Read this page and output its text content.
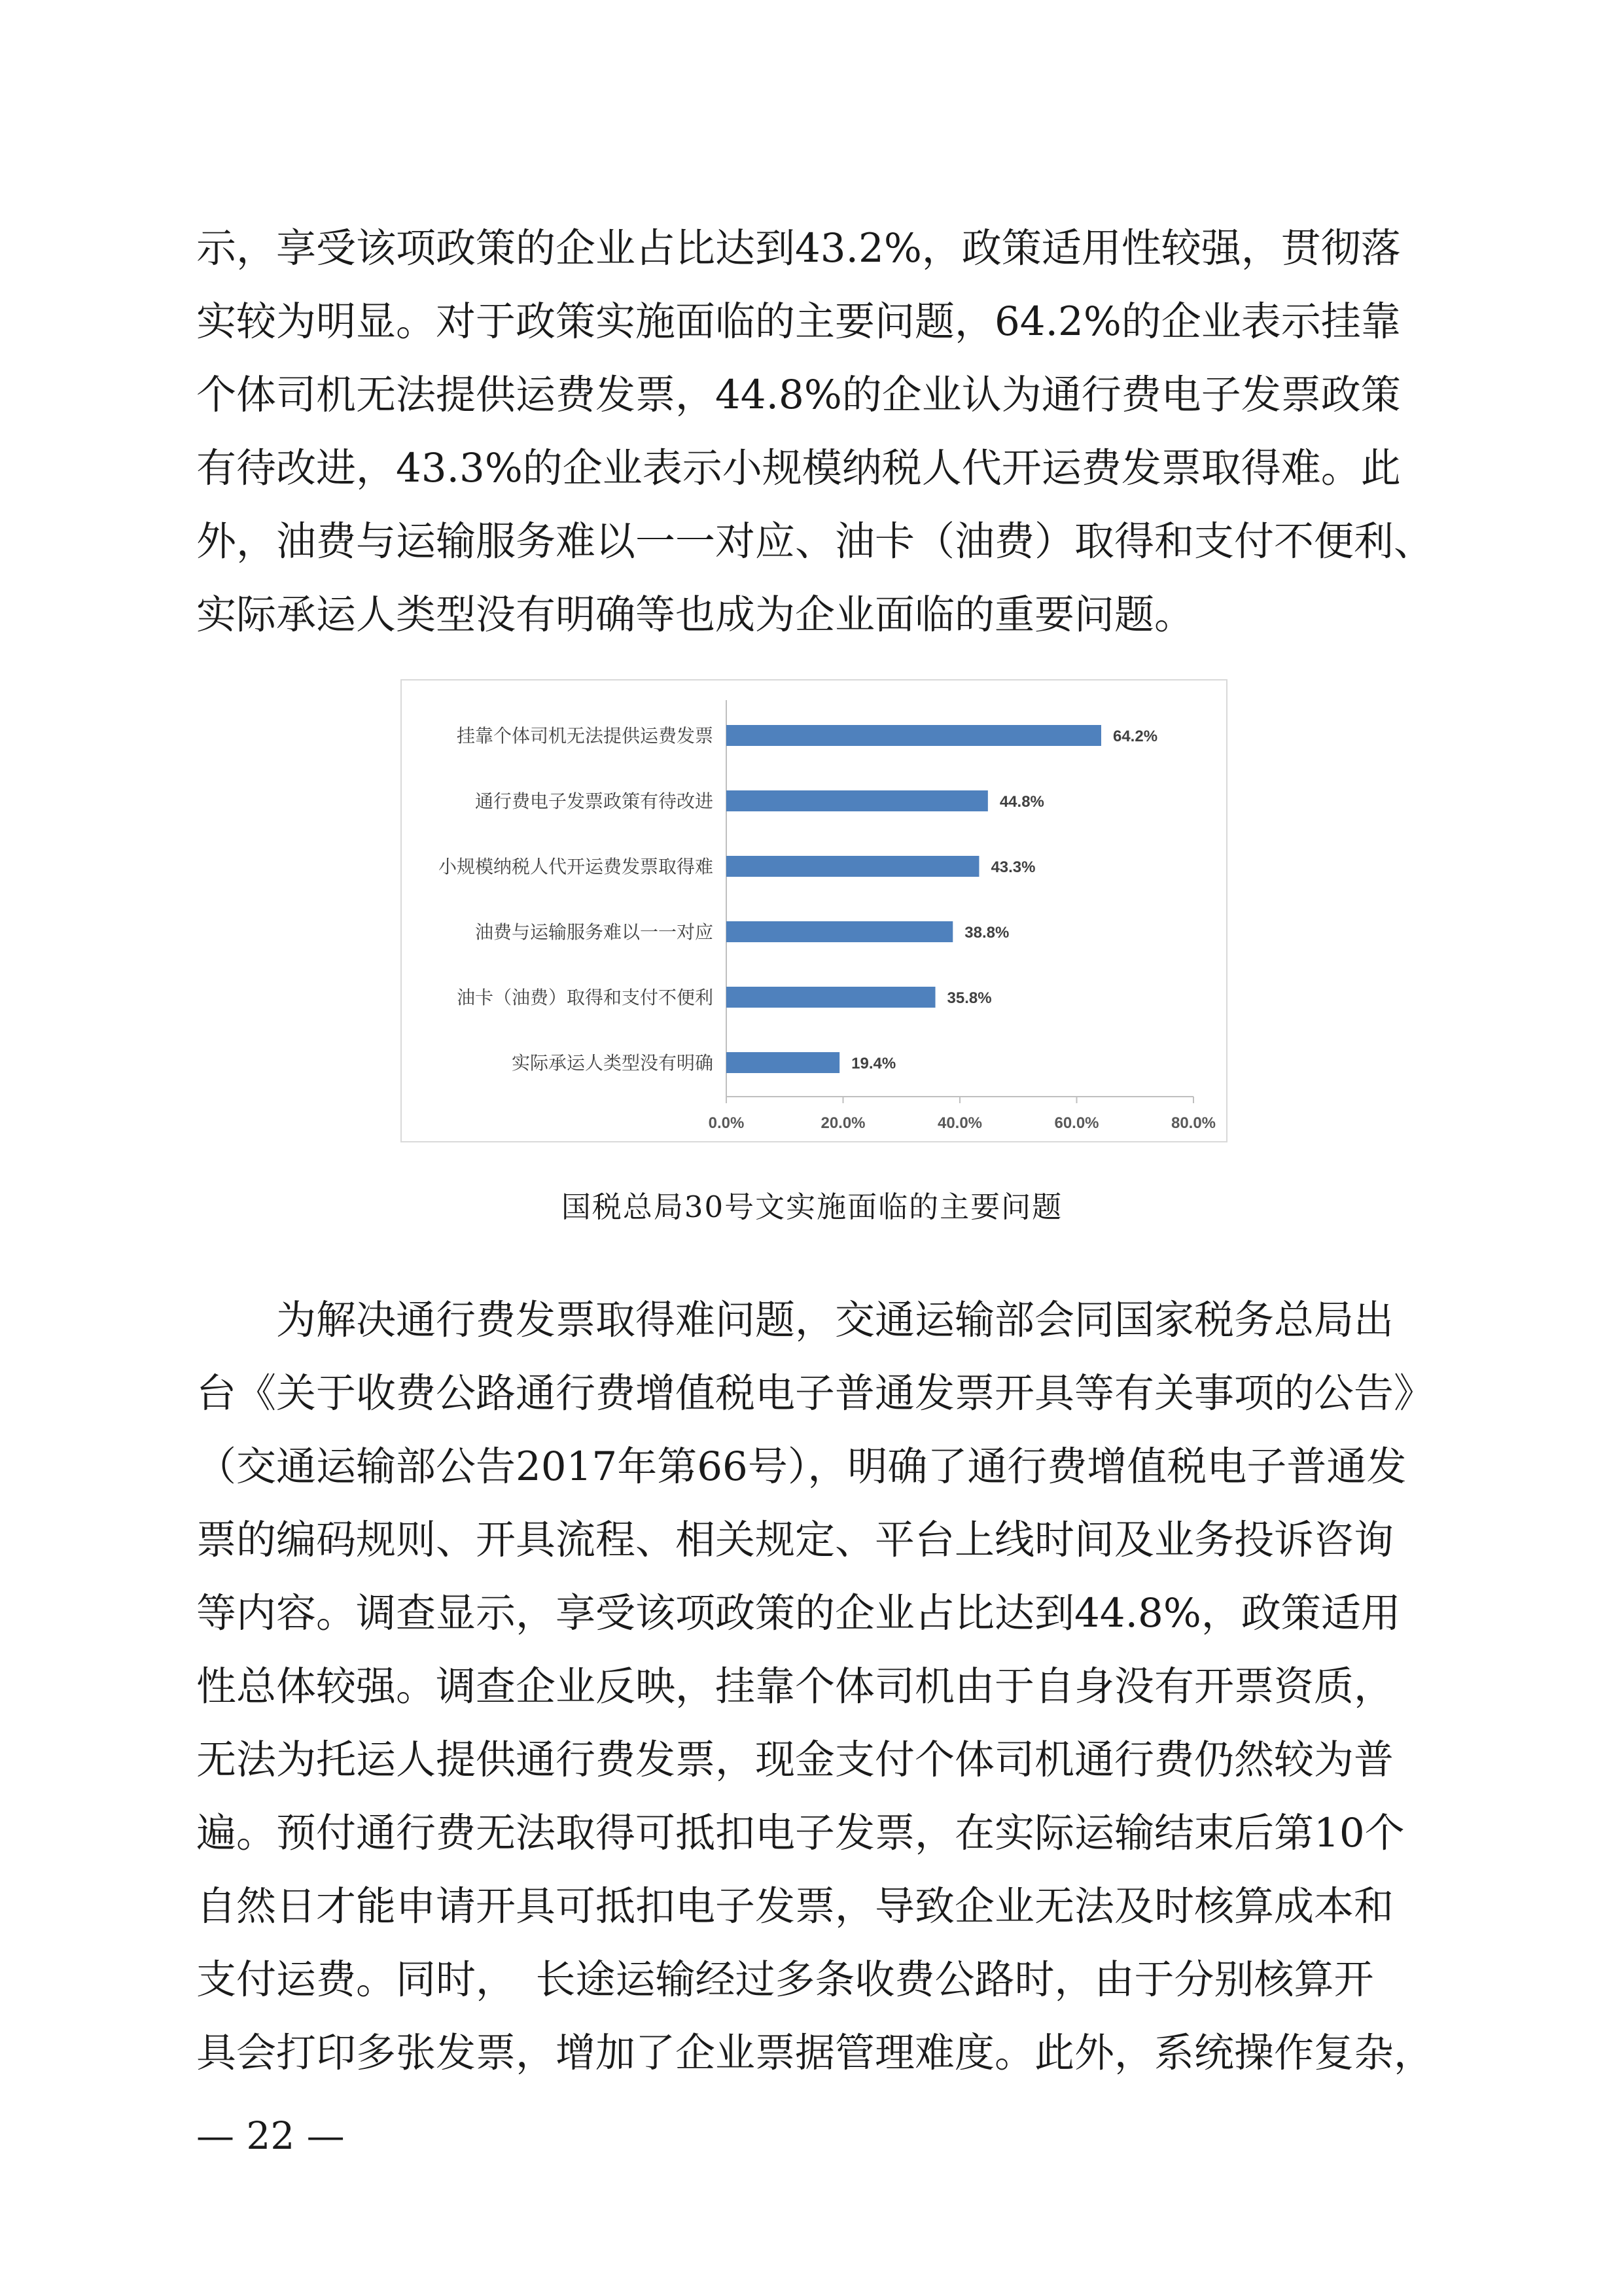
示，享受该项政策的企业占比达到43.2%，政策适用性较强，贯彻落
实较为明显。对于政策实施面临的主要问题，64.2%的企业表示挂靠
个体司机无法提供运费发票，44.8%的企业认为通行费电子发票政策
有待改进，43.3%的企业表示小规模纳税人代开运费发票取得难。此
外，油费与运输服务难以一一对应、油卡（油费）取得和支付不便利、
实际承运人类型没有明确等也成为企业面临的重要问题。
挂靠个体司机无法提供运费发票	64.2%
通行费电子发票政策有待改进	44.8%
小规模纳税人代开运费发票取得难	43.3%
油费与运输服务难以一一对应	38.8%
油卡（油费）取得和支付不便利	35.8%
实际承运人类型没有明确	19.4%
0.0%	20.0%	40.0%	60.0%	80.0%
国税总局30号文实施面临的主要问题
　　为解决通行费发票取得难问题，交通运输部会同国家税务总局出
台《关于收费公路通行费增值税电子普通发票开具等有关事项的公告》
（交通运输部公告2017年第66号），明确了通行费增值税电子普通发
票的编码规则、开具流程、相关规定、平台上线时间及业务投诉咨询
等内容。调查显示，享受该项政策的企业占比达到44.8%，政策适用
性总体较强。调查企业反映，挂靠个体司机由于自身没有开票资质，
无法为托运人提供通行费发票，现金支付个体司机通行费仍然较为普
遍。预付通行费无法取得可抵扣电子发票，在实际运输结束后第10个
自然日才能申请开具可抵扣电子发票，导致企业无法及时核算成本和
支付运费。同时，　长途运输经过多条收费公路时，由于分别核算开
具会打印多张发票，增加了企业票据管理难度。此外，系统操作复杂，
— 22 —
